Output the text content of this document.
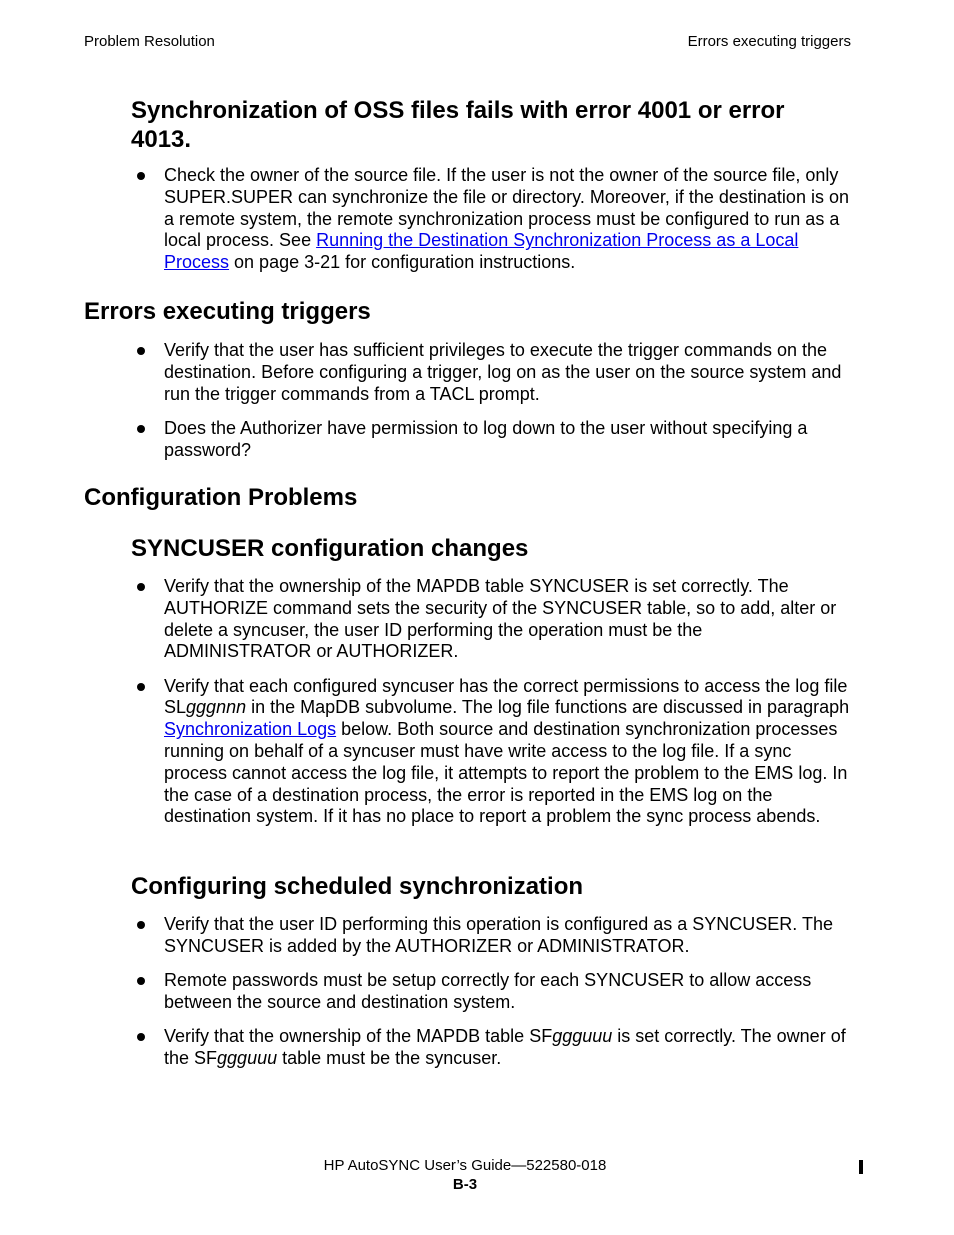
Problem Resolution	Errors executing triggers
Synchronization of OSS files fails with error 4001 or error 4013.
Check the owner of the source file. If the user is not the owner of the source file, only SUPER.SUPER can synchronize the file or directory. Moreover, if the destination is on a remote system, the remote synchronization process must be configured to run as a local process. See Running the Destination Synchronization Process as a Local Process on page 3-21 for configuration instructions.
Errors executing triggers
Verify that the user has sufficient privileges to execute the trigger commands on the destination. Before configuring a trigger, log on as the user on the source system and run the trigger commands from a TACL prompt.
Does the Authorizer have permission to log down to the user without specifying a password?
Configuration Problems
SYNCUSER configuration changes
Verify that the ownership of the MAPDB table SYNCUSER is set correctly. The AUTHORIZE command sets the security of the SYNCUSER table, so to add, alter or delete a syncuser, the user ID performing the operation must be the ADMINISTRATOR or AUTHORIZER.
Verify that each configured syncuser has the correct permissions to access the log file SLgggnnn in the MapDB subvolume. The log file functions are discussed in paragraph Synchronization Logs below. Both source and destination synchronization processes running on behalf of a syncuser must have write access to the log file. If a sync process cannot access the log file, it attempts to report the problem to the EMS log. In the case of a destination process, the error is reported in the EMS log on the destination system. If it has no place to report a problem the sync process abends.
Configuring scheduled synchronization
Verify that the user ID performing this operation is configured as a SYNCUSER. The SYNCUSER is added by the AUTHORIZER or ADMINISTRATOR.
Remote passwords must be setup correctly for each SYNCUSER to allow access between the source and destination system.
Verify that the ownership of the MAPDB table SFggguuu is set correctly. The owner of the SFggguuu table must be the syncuser.
HP AutoSYNC User’s Guide—522580-018
B-3
